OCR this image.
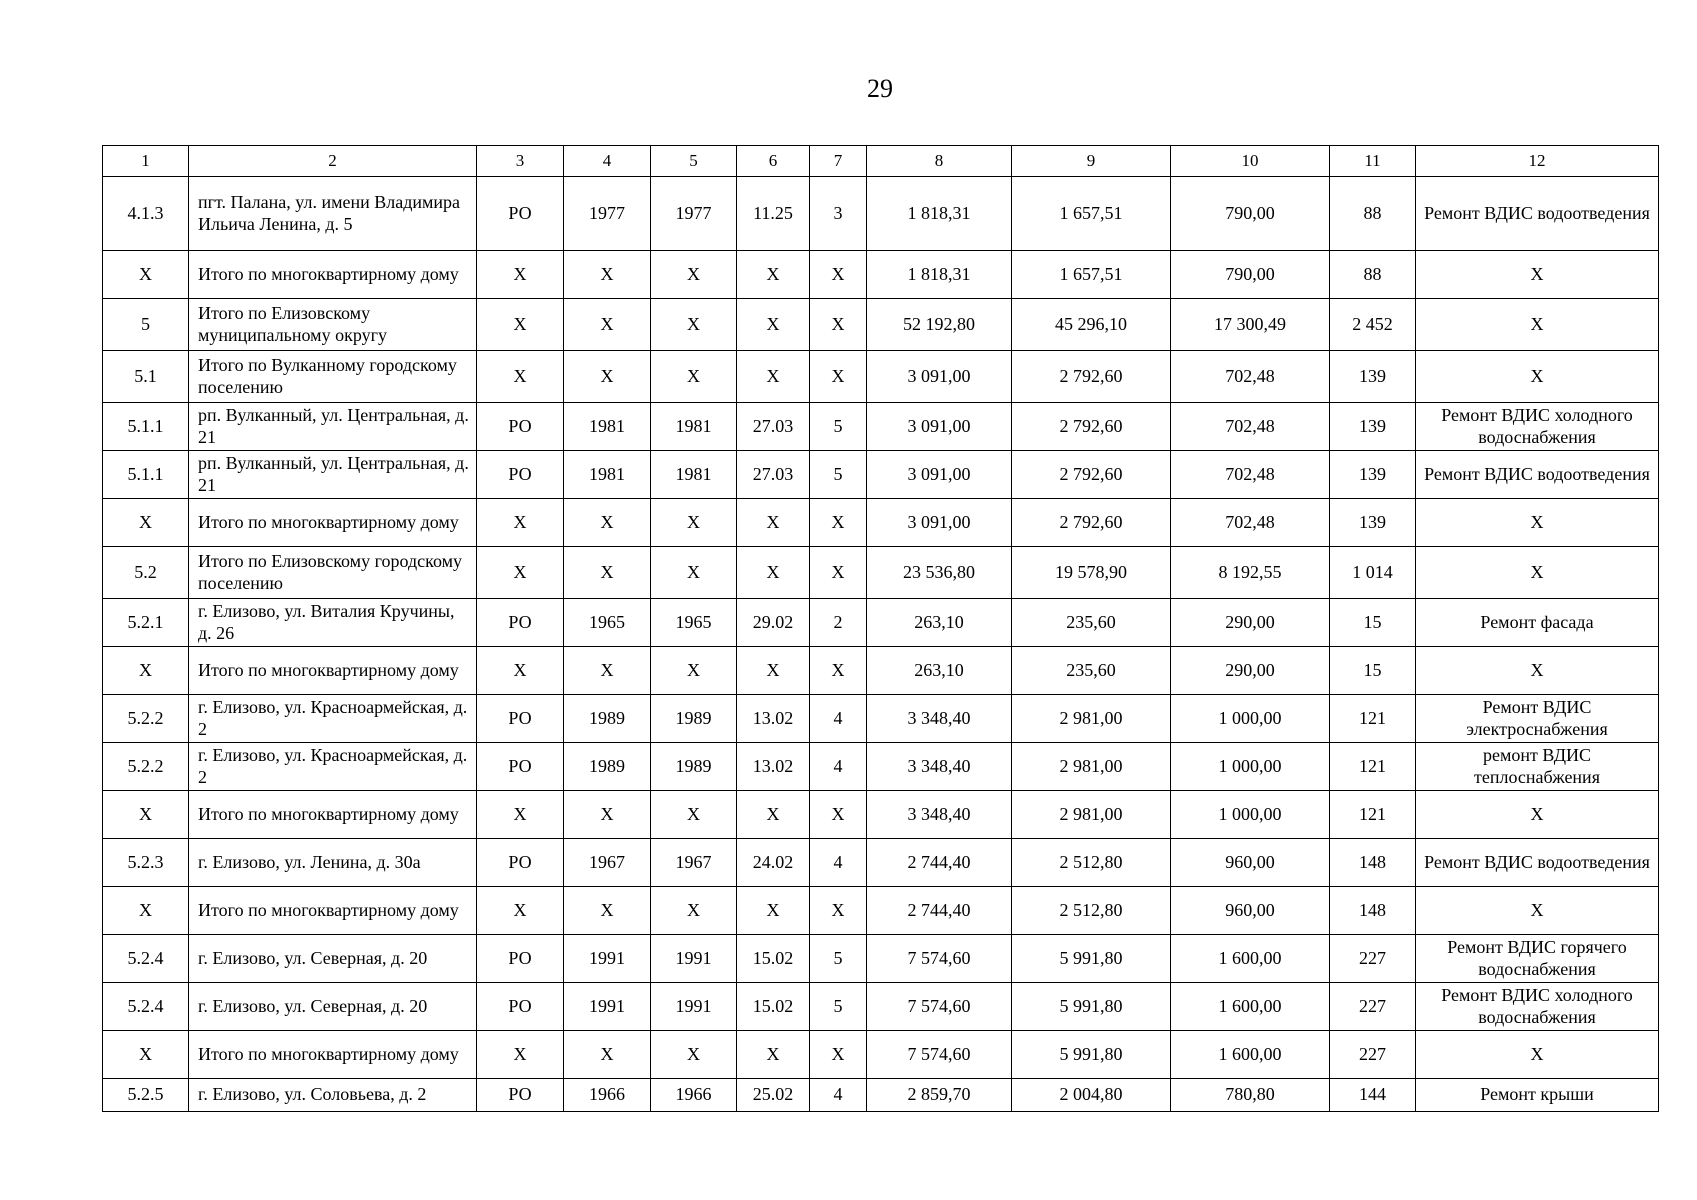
29
1	2	3	4	5	6	7	8	9	10	11	12
4.1.3	пгт. Палана, ул. имени Владимира Ильича Ленина, д. 5	РО	1977	1977	11.25	3	1 818,31	1 657,51	790,00	88	Ремонт ВДИС водоотведения
Х	Итого по многоквартирному дому	Х	Х	Х	Х	Х	1 818,31	1 657,51	790,00	88	Х
5	Итого по Елизовскому муниципальному округу	Х	Х	Х	Х	Х	52 192,80	45 296,10	17 300,49	2 452	Х
5.1	Итого по Вулканному городскому поселению	Х	Х	Х	Х	Х	3 091,00	2 792,60	702,48	139	Х
5.1.1	рп. Вулканный, ул. Центральная, д. 21	РО	1981	1981	27.03	5	3 091,00	2 792,60	702,48	139	Ремонт ВДИС холодного водоснабжения
5.1.1	рп. Вулканный, ул. Центральная, д. 21	РО	1981	1981	27.03	5	3 091,00	2 792,60	702,48	139	Ремонт ВДИС водоотведения
Х	Итого по многоквартирному дому	Х	Х	Х	Х	Х	3 091,00	2 792,60	702,48	139	Х
5.2	Итого по Елизовскому городскому поселению	Х	Х	Х	Х	Х	23 536,80	19 578,90	8 192,55	1 014	Х
5.2.1	г. Елизово, ул. Виталия Кручины, д. 26	РО	1965	1965	29.02	2	263,10	235,60	290,00	15	Ремонт фасада
Х	Итого по многоквартирному дому	Х	Х	Х	Х	Х	263,10	235,60	290,00	15	Х
5.2.2	г. Елизово, ул. Красноармейская, д. 2	РО	1989	1989	13.02	4	3 348,40	2 981,00	1 000,00	121	Ремонт ВДИС электроснабжения
5.2.2	г. Елизово, ул. Красноармейская, д. 2	РО	1989	1989	13.02	4	3 348,40	2 981,00	1 000,00	121	ремонт ВДИС теплоснабжения
Х	Итого по многоквартирному дому	Х	Х	Х	Х	Х	3 348,40	2 981,00	1 000,00	121	Х
5.2.3	г. Елизово, ул. Ленина, д. 30а	РО	1967	1967	24.02	4	2 744,40	2 512,80	960,00	148	Ремонт ВДИС водоотведения
Х	Итого по многоквартирному дому	Х	Х	Х	Х	Х	2 744,40	2 512,80	960,00	148	Х
5.2.4	г. Елизово, ул. Северная, д. 20	РО	1991	1991	15.02	5	7 574,60	5 991,80	1 600,00	227	Ремонт ВДИС горячего водоснабжения
5.2.4	г. Елизово, ул. Северная, д. 20	РО	1991	1991	15.02	5	7 574,60	5 991,80	1 600,00	227	Ремонт ВДИС холодного водоснабжения
Х	Итого по многоквартирному дому	Х	Х	Х	Х	Х	7 574,60	5 991,80	1 600,00	227	Х
5.2.5	г. Елизово, ул. Соловьева, д. 2	РО	1966	1966	25.02	4	2 859,70	2 004,80	780,80	144	Ремонт крыши
